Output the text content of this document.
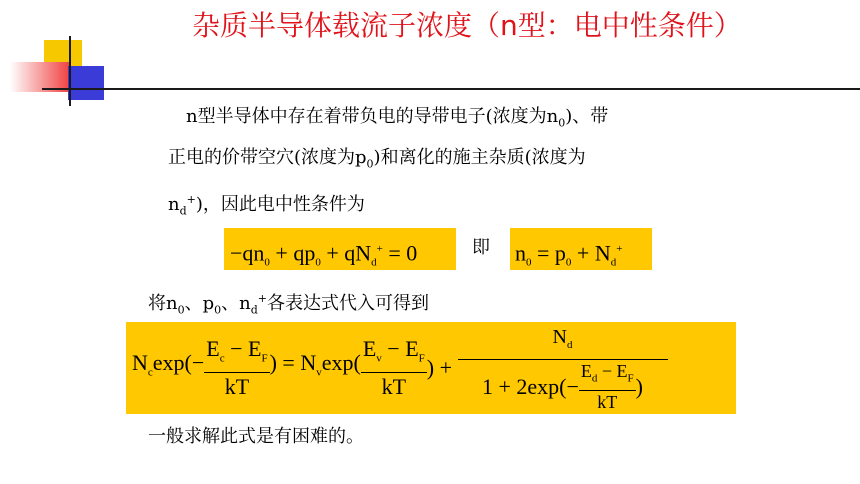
杂质半导体载流子浓度（n型：电中性条件）
n型半导体中存在着带负电的导带电子(浓度为$n_0$)、带
正电的价带空穴(浓度为$p_0$)和离化的施主杂质(浓度为
$n_d^+$)，因此电中性条件为
$-qn_0 + qp_0 + qN_d^+ = 0$	即 $n_0 = p_0 + N_d^+$
将$n_0$、$p_0$、$n_d^+$各表达式代入可得到
$N_c\exp(- \frac{E_c - E_F}{kT}$ ) = $N_v\exp( \frac{E_v - E_F}{kT}$ ) + $\frac{N_d}{1 + 2\exp(- \frac{E_d - E_F}{kT} )}$
一般求解此式是有困难的。
